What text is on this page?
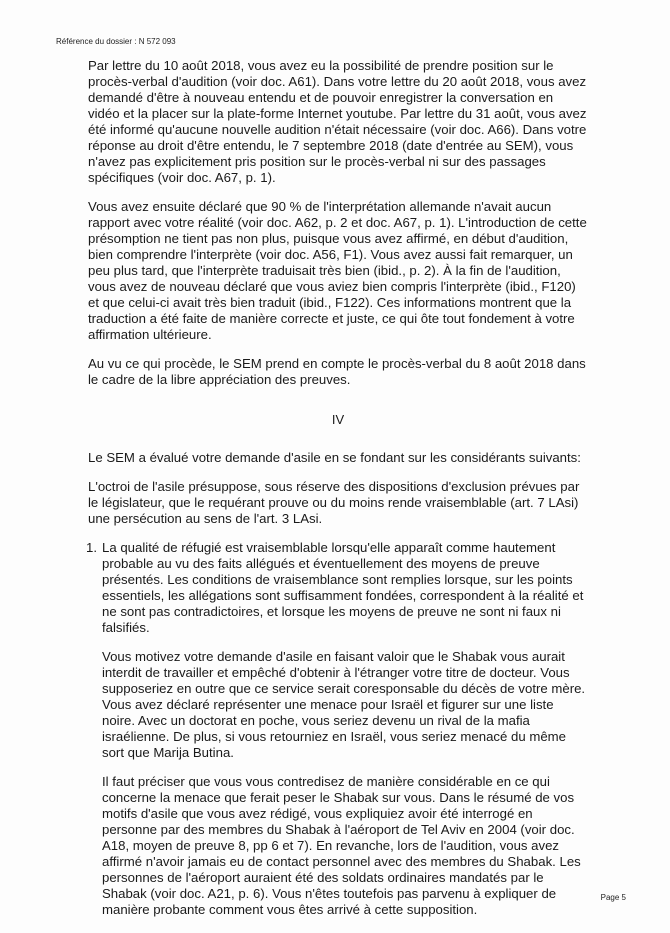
Référence du dossier : N 572 093

Par lettre du 10 août 2018, vous avez eu la possibilité de prendre position sur le procès-verbal d'audition (voir doc. A61). Dans votre lettre du 20 août 2018, vous avez demandé d'être à nouveau entendu et de pouvoir enregistrer la conversation en vidéo et la placer sur la plate-forme Internet youtube. Par lettre du 31 août, vous avez été informé qu'aucune nouvelle audition n'était nécessaire (voir doc. A66). Dans votre réponse au droit d'être entendu, le 7 septembre 2018 (date d'entrée au SEM), vous n'avez pas explicitement pris position sur le procès-verbal ni sur des passages spécifiques (voir doc. A67, p. 1).

Vous avez ensuite déclaré que 90 % de l'interprétation allemande n'avait aucun rapport avec votre réalité (voir doc. A62, p. 2 et doc. A67, p. 1). L'introduction de cette présomption ne tient pas non plus, puisque vous avez affirmé, en début d'audition, bien comprendre l'interprète (voir doc. A56, F1). Vous avez aussi fait remarquer, un peu plus tard, que l'interprète traduisait très bien (ibid., p. 2). À la fin de l'audition, vous avez de nouveau déclaré que vous aviez bien compris l'interprète (ibid., F120) et que celui-ci avait très bien traduit (ibid., F122). Ces informations montrent que la traduction a été faite de manière correcte et juste, ce qui ôte tout fondement à votre affirmation ultérieure.

Au vu ce qui procède, le SEM prend en compte le procès-verbal du 8 août 2018 dans le cadre de la libre appréciation des preuves.

IV

Le SEM a évalué votre demande d'asile en se fondant sur les considérants suivants:

L'octroi de l'asile présuppose, sous réserve des dispositions d'exclusion prévues par le législateur, que le requérant prouve ou du moins rende vraisemblable (art. 7 LAsi) une persécution au sens de l'art. 3 LAsi.

1. La qualité de réfugié est vraisemblable lorsqu'elle apparaît comme hautement probable au vu des faits allégués et éventuellement des moyens de preuve présentés. Les conditions de vraisemblance sont remplies lorsque, sur les points essentiels, les allégations sont suffisamment fondées, correspondent à la réalité et ne sont pas contradictoires, et lorsque les moyens de preuve ne sont ni faux ni falsifiés.

Vous motivez votre demande d'asile en faisant valoir que le Shabak vous aurait interdit de travailler et empêché d'obtenir à l'étranger votre titre de docteur. Vous supposeriez en outre que ce service serait coresponsable du décès de votre mère. Vous avez déclaré représenter une menace pour Israël et figurer sur une liste noire. Avec un doctorat en poche, vous seriez devenu un rival de la mafia israélienne. De plus, si vous retourniez en Israël, vous seriez menacé du même sort que Marija Butina.

Il faut préciser que vous vous contredisez de manière considérable en ce qui concerne la menace que ferait peser le Shabak sur vous. Dans le résumé de vos motifs d'asile que vous avez rédigé, vous expliquiez avoir été interrogé en personne par des membres du Shabak à l'aéroport de Tel Aviv en 2004 (voir doc. A18, moyen de preuve 8, pp 6 et 7). En revanche, lors de l'audition, vous avez affirmé n'avoir jamais eu de contact personnel avec des membres du Shabak. Les personnes de l'aéroport auraient été des soldats ordinaires mandatés par le Shabak (voir doc. A21, p. 6). Vous n'êtes toutefois pas parvenu à expliquer de manière probante comment vous êtes arrivé à cette supposition.

Page 5
